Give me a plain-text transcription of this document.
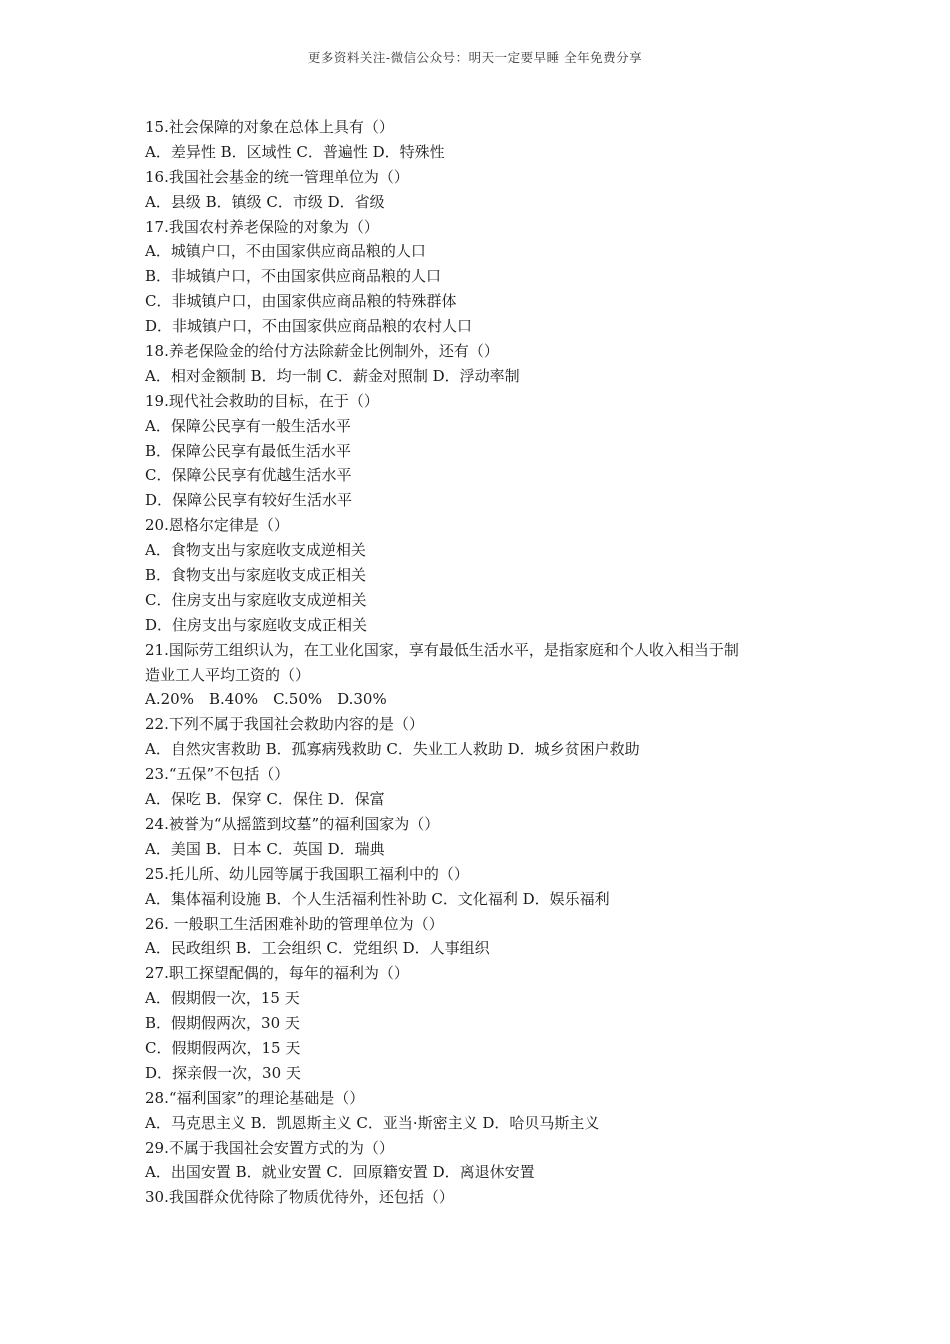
更多资料关注-微信公众号：明天一定要早睡 全年免费分享
15.社会保障的对象在总体上具有（）
A．差异性 B．区域性 C．普遍性 D．特殊性
16.我国社会基金的统一管理单位为（）
A．县级 B．镇级 C．市级 D．省级
17.我国农村养老保险的对象为（）
A．城镇户口，不由国家供应商品粮的人口
B．非城镇户口，不由国家供应商品粮的人口
C．非城镇户口，由国家供应商品粮的特殊群体
D．非城镇户口，不由国家供应商品粮的农村人口
18.养老保险金的给付方法除薪金比例制外，还有（）
A．相对金额制 B．均一制 C．薪金对照制 D．浮动率制
19.现代社会救助的目标，在于（）
A．保障公民享有一般生活水平
B．保障公民享有最低生活水平
C．保障公民享有优越生活水平
D．保障公民享有较好生活水平
20.恩格尔定律是（）
A．食物支出与家庭收支成逆相关
B．食物支出与家庭收支成正相关
C．住房支出与家庭收支成逆相关
D．住房支出与家庭收支成正相关
21.国际劳工组织认为，在工业化国家，享有最低生活水平，是指家庭和个人收入相当于制
造业工人平均工资的（）
A.20%　B.40%　C.50%　D.30%
22.下列不属于我国社会救助内容的是（）
A．自然灾害救助 B．孤寡病残救助 C．失业工人救助 D．城乡贫困户救助
23.“五保”不包括（）
A．保吃 B．保穿 C．保住 D．保富
24.被誉为“从摇篮到坟墓”的福利国家为（）
A．美国 B．日本 C．英国 D．瑞典
25.托儿所、幼儿园等属于我国职工福利中的（）
A．集体福利设施 B．个人生活福利性补助 C．文化福利 D．娱乐福利
26. 一般职工生活困难补助的管理单位为（）
A．民政组织 B．工会组织 C．党组织 D．人事组织
27.职工探望配偶的，每年的福利为（）
A．假期假一次，15 天
B．假期假两次，30 天
C．假期假两次，15 天
D．探亲假一次，30 天
28.“福利国家”的理论基础是（）
A．马克思主义 B．凯恩斯主义 C．亚当·斯密主义 D．哈贝马斯主义
29.不属于我国社会安置方式的为（）
A．出国安置 B．就业安置 C．回原籍安置 D．离退休安置
30.我国群众优待除了物质优待外，还包括（）
